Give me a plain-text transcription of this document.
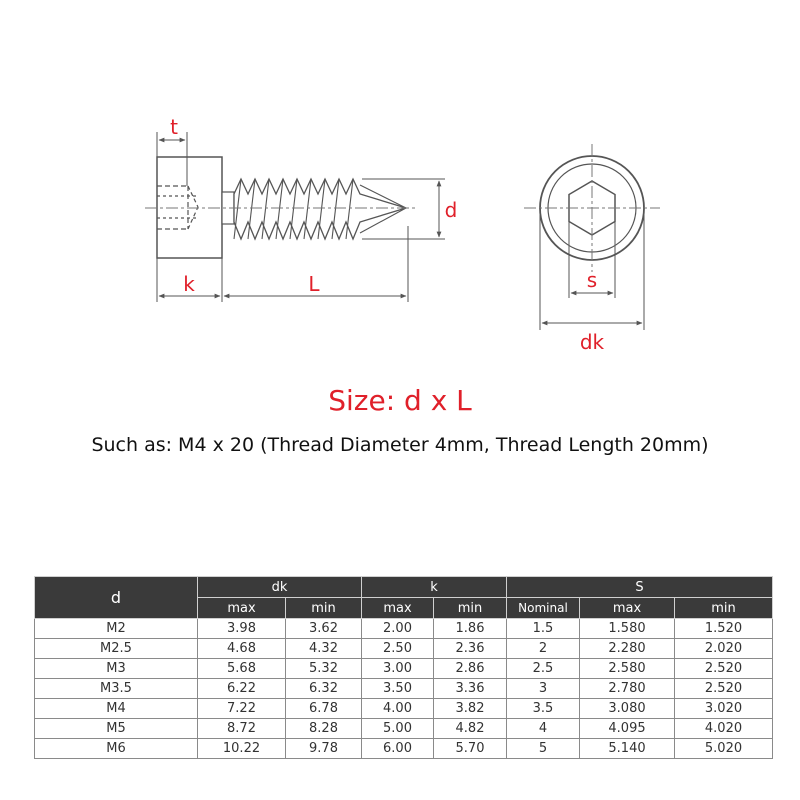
t
k	L
d
s
dk
Size: d x L
Such as: M4 x 20 (Thread Diameter 4mm, Thread Length 20mm)
d	dk		k		S		
	max	min	max	min	Nominal	max	min
M2	3.98	3.62	2.00	1.86	1.5	1.580	1.520
M2.5	4.68	4.32	2.50	2.36	2	2.280	2.020
M3	5.68	5.32	3.00	2.86	2.5	2.580	2.520
M3.5	6.22	6.32	3.50	3.36	3	2.780	2.520
M4	7.22	6.78	4.00	3.82	3.5	3.080	3.020
M5	8.72	8.28	5.00	4.82	4	4.095	4.020
M6	10.22	9.78	6.00	5.70	5	5.140	5.020
